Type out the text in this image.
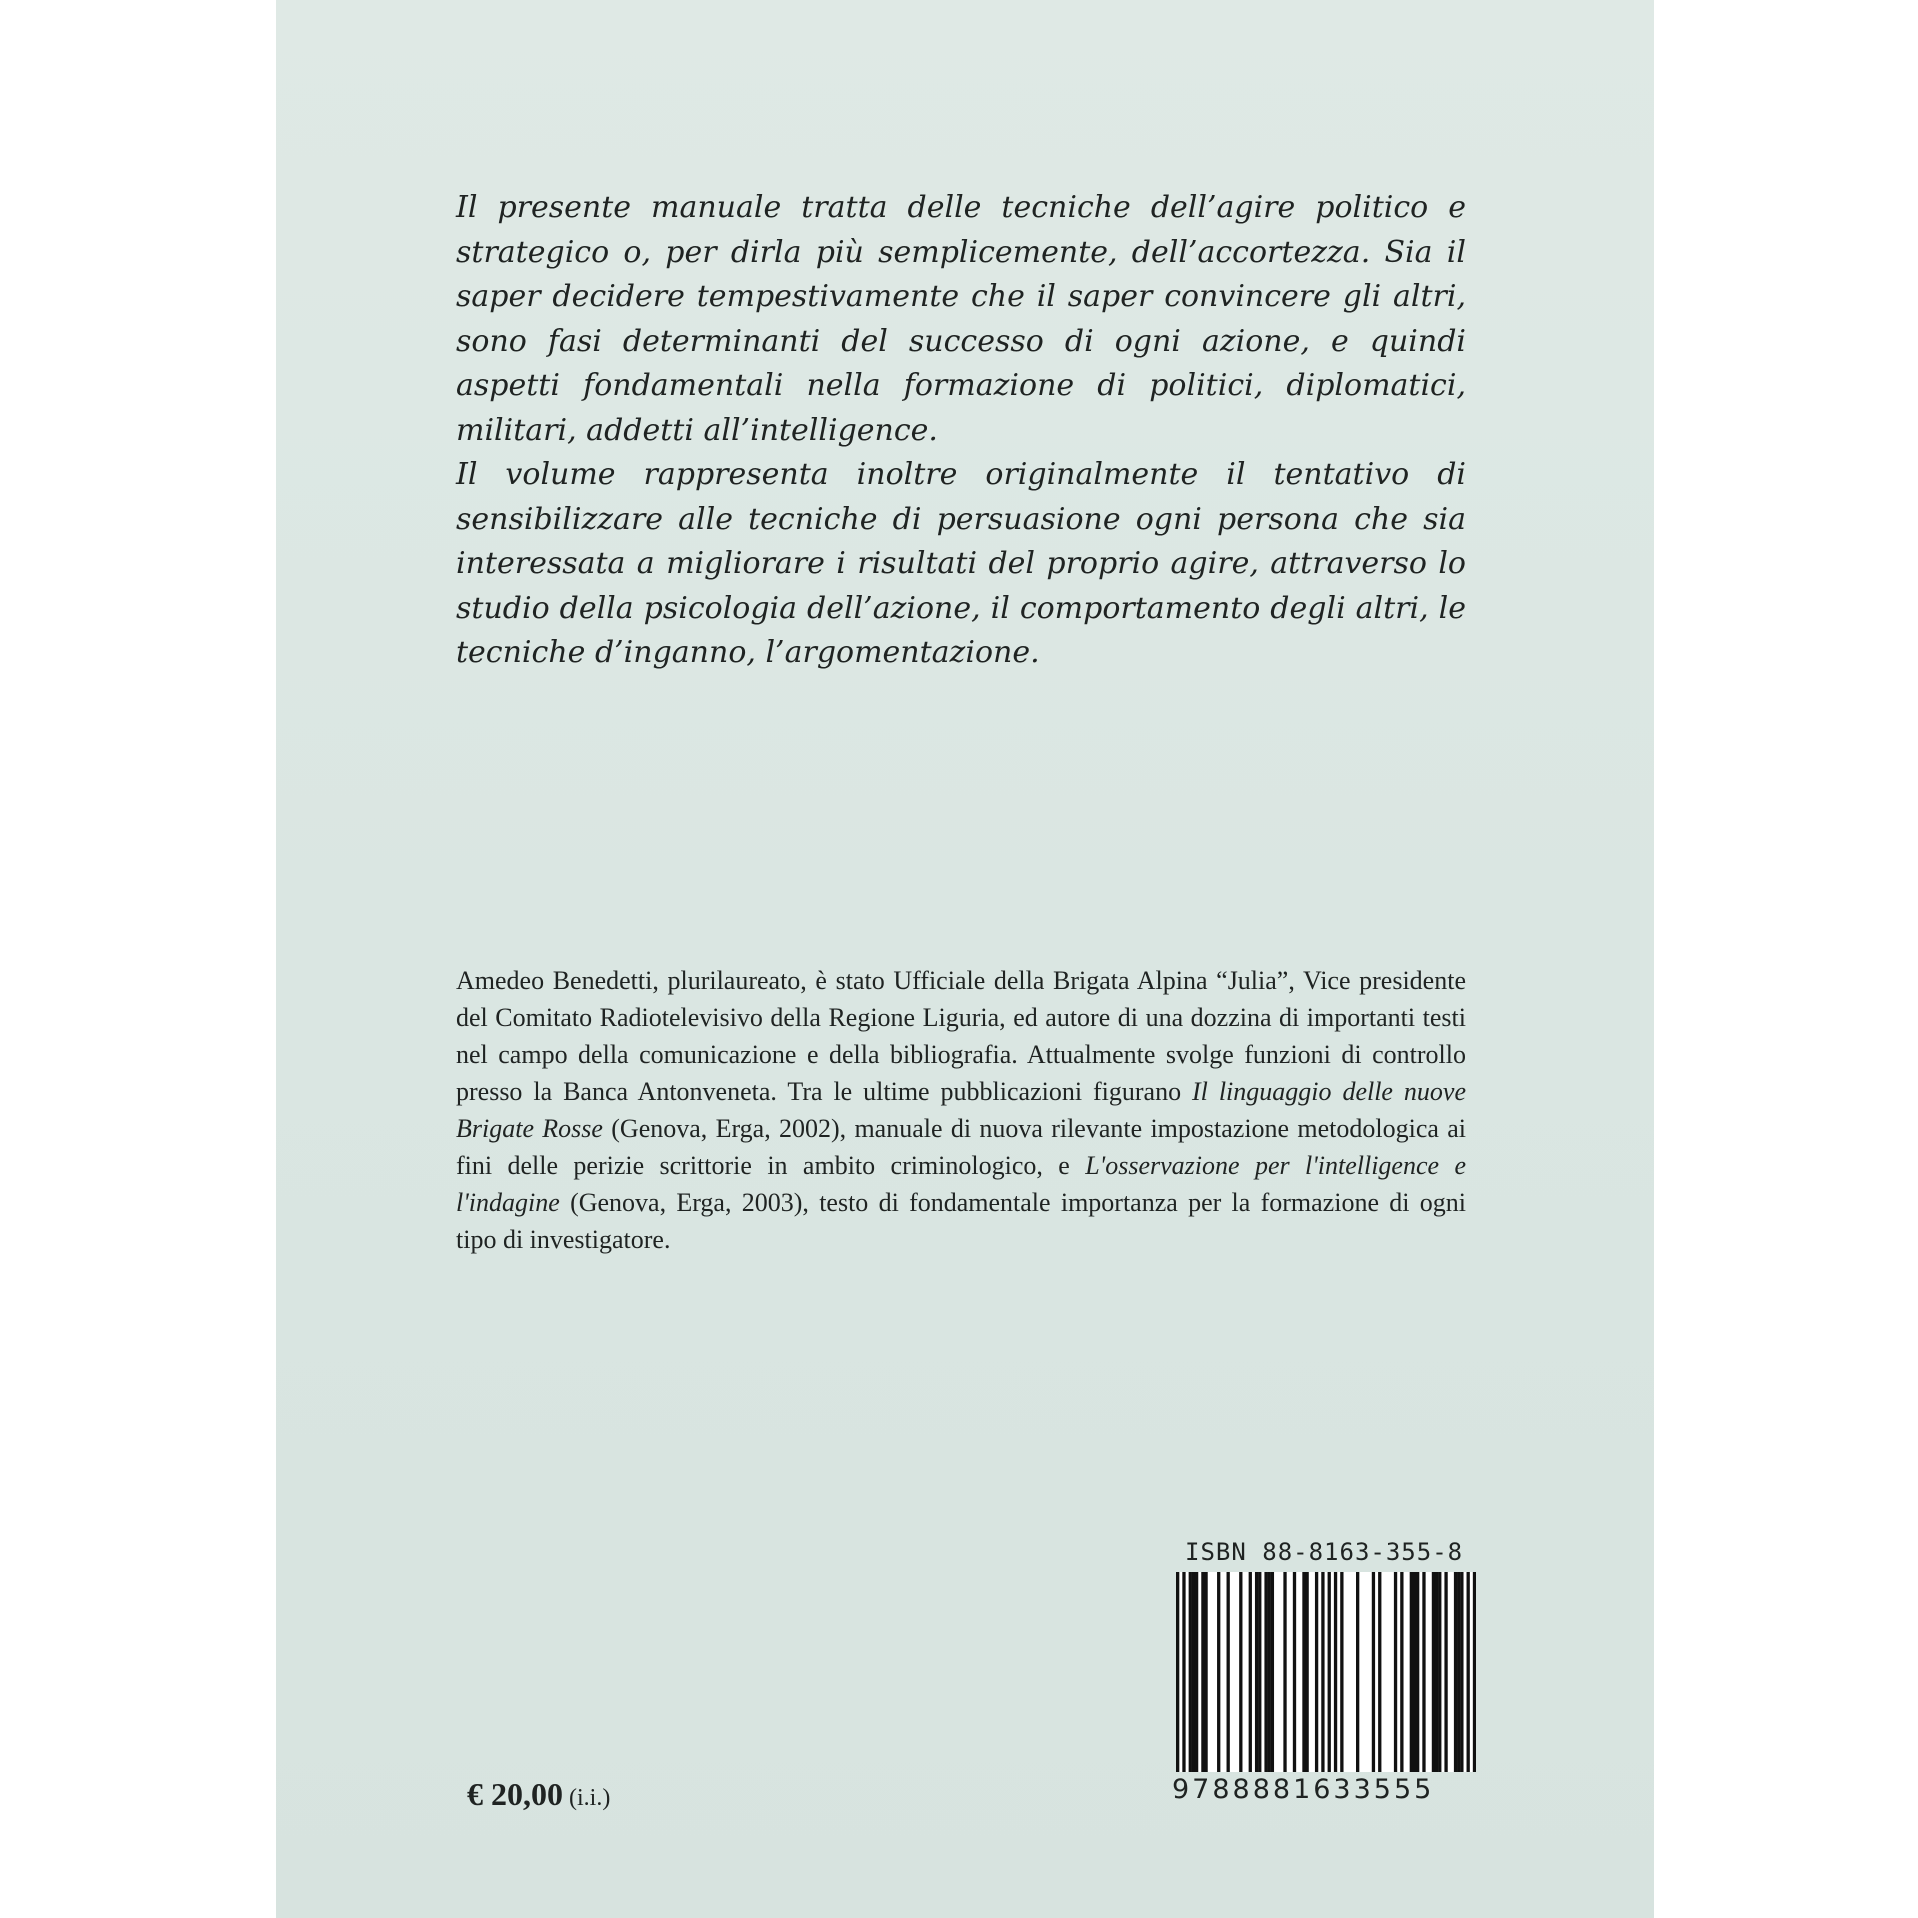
Il presente manuale tratta delle tecniche dell’agire politico e strategico o, per dirla più semplicemente, dell’accortezza. Sia il saper decidere tempestivamente che il saper convincere gli altri, sono fasi determinanti del successo di ogni azione, e quindi aspetti fondamentali nella formazione di politici, diplomatici, militari, addetti all’intelligence.

Il volume rappresenta inoltre originalmente il tentativo di sensibilizzare alle tecniche di persuasione ogni persona che sia interessata a migliorare i risultati del proprio agire, attraverso lo studio della psicologia dell’azione, il comportamento degli altri, le tecniche d’inganno, l’argomentazione.

Amedeo Benedetti, plurilaureato, è stato Ufficiale della Brigata Alpina “Julia”, Vice presidente del Comitato Radiotelevisivo della Regione Liguria, ed autore di una dozzina di importanti testi nel campo della comunicazione e della bibliografia. Attualmente svolge funzioni di controllo presso la Banca Antonveneta. Tra le ultime pubblicazioni figurano Il linguaggio delle nuove Brigate Rosse (Genova, Erga, 2002), manuale di nuova rilevante impostazione metodologica ai fini delle perizie scrittorie in ambito criminologico, e L'osservazione per l'intelligence e l'indagine (Genova, Erga, 2003), testo di fondamentale importanza per la formazione di ogni tipo di investigatore.

ISBN 88-8163-355-8
9788881633555
€ 20,00 (i.i.)
